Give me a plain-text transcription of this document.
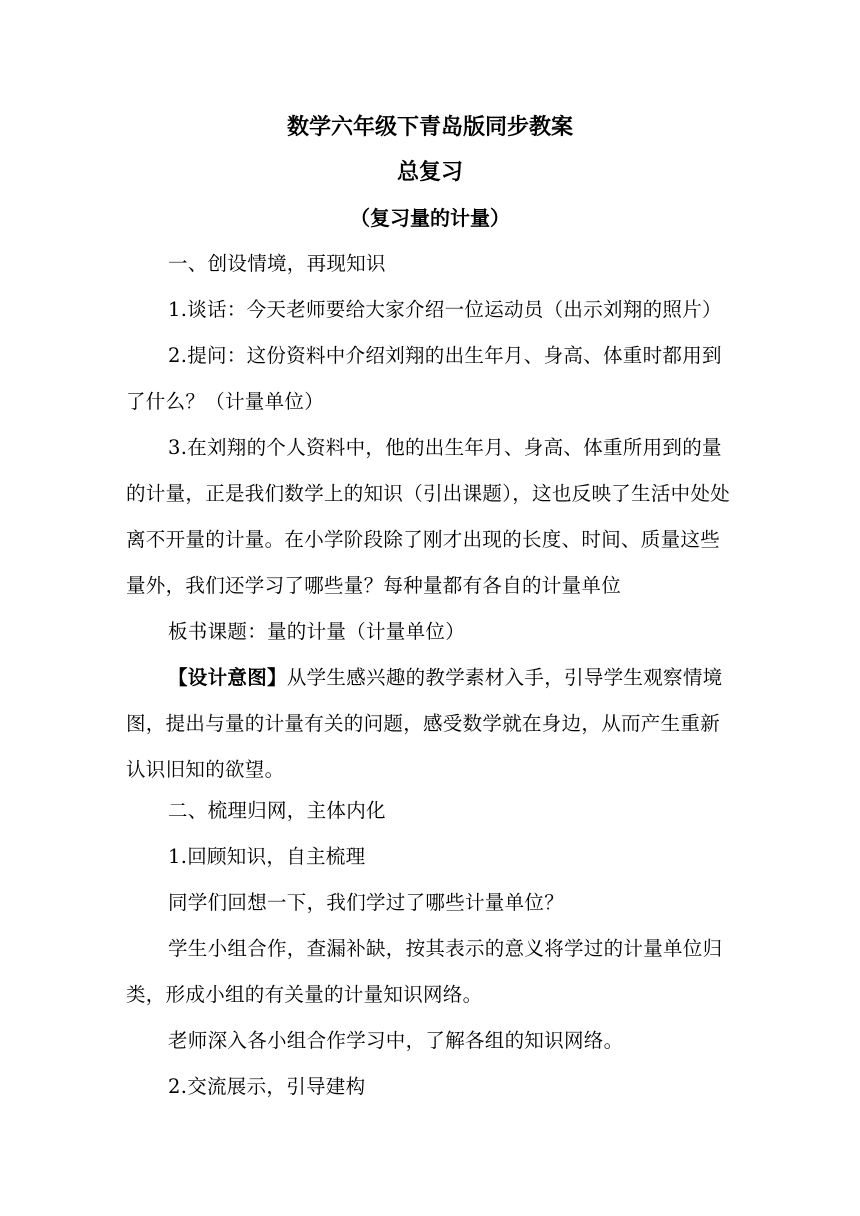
数学六年级下青岛版同步教案
总复习
（复习量的计量）
一、创设情境，再现知识
1.谈话：今天老师要给大家介绍一位运动员（出示刘翔的照片）
2.提问：这份资料中介绍刘翔的出生年月、身高、体重时都用到了什么？（计量单位）
3.在刘翔的个人资料中，他的出生年月、身高、体重所用到的量的计量，正是我们数学上的知识（引出课题），这也反映了生活中处处离不开量的计量。在小学阶段除了刚才出现的长度、时间、质量这些量外，我们还学习了哪些量？每种量都有各自的计量单位
板书课题：量的计量（计量单位）
【设计意图】从学生感兴趣的教学素材入手，引导学生观察情境图，提出与量的计量有关的问题，感受数学就在身边，从而产生重新认识旧知的欲望。
二、梳理归网，主体内化
1.回顾知识，自主梳理
同学们回想一下，我们学过了哪些计量单位？
学生小组合作，查漏补缺，按其表示的意义将学过的计量单位归类，形成小组的有关量的计量知识网络。
老师深入各小组合作学习中，了解各组的知识网络。
2.交流展示，引导建构
